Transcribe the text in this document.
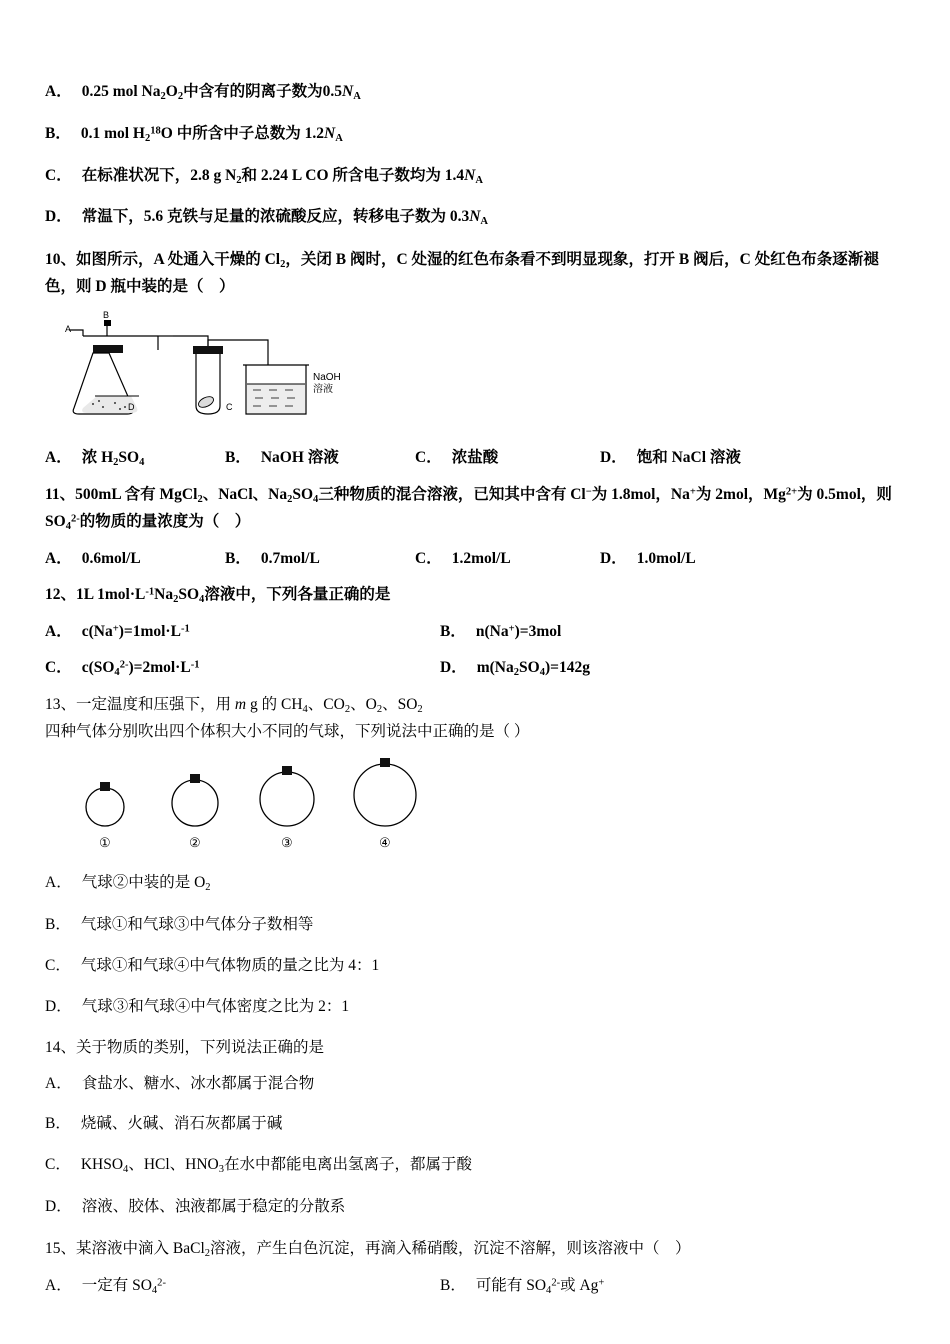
A． 0.25 mol $Na_2O_2$中含有的阴离子数为$0.5N_A$
B． 0.1 mol $H_2^{18}O$ 中所含中子总数为 $1.2N_A$
C． 在标准状况下，2.8 g $N_2$和 2.24 L CO 所含电子数均为 $1.4N_A$
D． 常温下，5.6 克铁与足量的浓硫酸反应，转移电子数为 $0.3N_A$
10、如图所示，A 处通入干燥的 $Cl_2$，关闭 B 阀时，C 处湿的红色布条看不到明显现象，打开 B 阀后，C 处红色布条逐渐褪色，则 D 瓶中装的是（　）
A
B
D	C
NaOH
溶液
A． 浓 $H_2SO_4$	B． NaOH 溶液	C． 浓盐酸	D． 饱和 NaCl 溶液
11、500mL 含有 MgCl$_2$、NaCl、$Na_2SO_4$三种物质的混合溶液，已知其中含有 Cl−为 1.8mol，Na+为 2mol，$Mg^{2+}$为 0.5mol，则 $SO_4^{2-}$的物质的量浓度为（　）
A． 0.6mol/L	B． 0.7mol/L	C． 1.2mol/L	D． 1.0mol/L
12、1L $1mol\cdot L^{-1}Na_2SO_4$溶液中，下列各量正确的是
A． $c(Na^+)=1mol\cdot L^{-1}$	B． n(Na+)=3mol
C． $c(SO_4^{2-})=2mol\cdot L^{-1}$	D． $m(Na_2SO_4)=142g$
13、一定温度和压强下，用 m g 的 $CH_4$、$CO_2$、$O_2$、$SO_2$四种气体分别吹出四个体积大小不同的气球，下列说法中正确的是（ ）
①	②	③	④
A． 气球②中装的是 $O_2$
B． 气球①和气球③中气体分子数相等
C． 气球①和气球④中气体物质的量之比为 4：1
D． 气球③和气球④中气体密度之比为 2：1
14、关于物质的类别，下列说法正确的是
A． 食盐水、糖水、冰水都属于混合物
B． 烧碱、火碱、消石灰都属于碱
C． $KHSO_4$、HCl、$HNO_3$在水中都能电离出氢离子，都属于酸
D． 溶液、胶体、浊液都属于稳定的分散系
15、某溶液中滴入 BaCl$_2$溶液，产生白色沉淀，再滴入稀硝酸，沉淀不溶解，则该溶液中（　）
A． 一定有 $SO_4^{2-}$	B． 可能有 $SO_4^{2-}$或 Ag+
